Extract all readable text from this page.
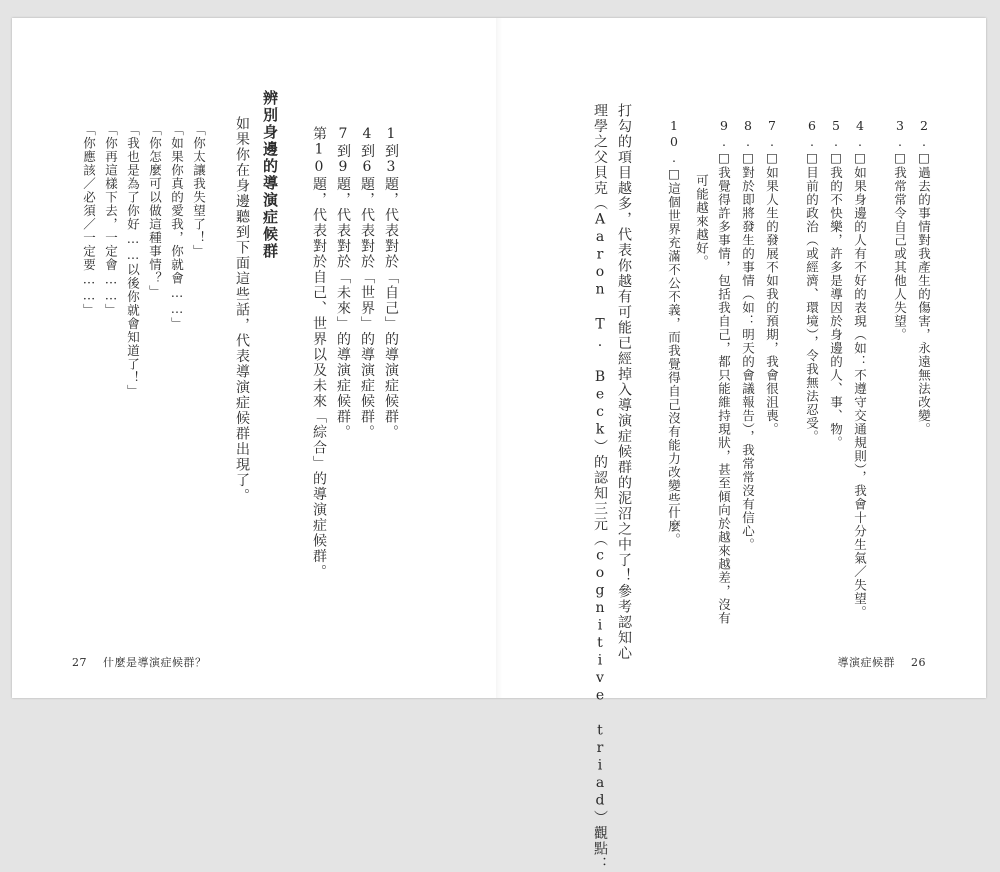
「你應該／必須／一定要……」 「你再這樣下去，一定會……」 「我也是為了你好……以後你就會知道了！」 「你怎麼可以做這種事情？」 「如果你真的愛我，你就會……」 「你太讓我失望了！」 如果你在身邊聽到下面這些話，代表導演症候群出現了。 辨別身邊的導演症候群 第10題，代表對於自己、世界以及未來「綜合」的導演症候群。 7到9題，代表對於「未來」的導演症候群。 4到6題，代表對於「世界」的導演症候群。 1到3題，代表對於「自己」的導演症候群。
27 什麼是導演症候群？	理學之父貝克（Aaron T. Beck）的認知三元（cognitive triad）觀點： 打勾的項目越多，代表你越有可能已經掉入導演症候群的泥沼之中了！參考認知心	10.□這個世界充滿不公不義，而我覺得自己沒有能力改變些什麼。 可能越來越好。 9.□我覺得許多事情，包括我自己，都只能維持現狀，甚至傾向於越來越差，沒有 8.□對於即將發生的事情（如：明天的會議報告），我常常沒有信心。 7.□如果人生的發展不如我的預期，我會很沮喪。 6.□目前的政治（或經濟、環境），令我無法忍受。 5.□我的不快樂，許多是導因於身邊的人、事、物。 4.□如果身邊的人有不好的表現（如：不遵守交通規則），我會十分生氣／失望。 3.□我常常令自己或其他人失望。 2.□過去的事情對我產生的傷害，永遠無法改變。
導演症候群 26
